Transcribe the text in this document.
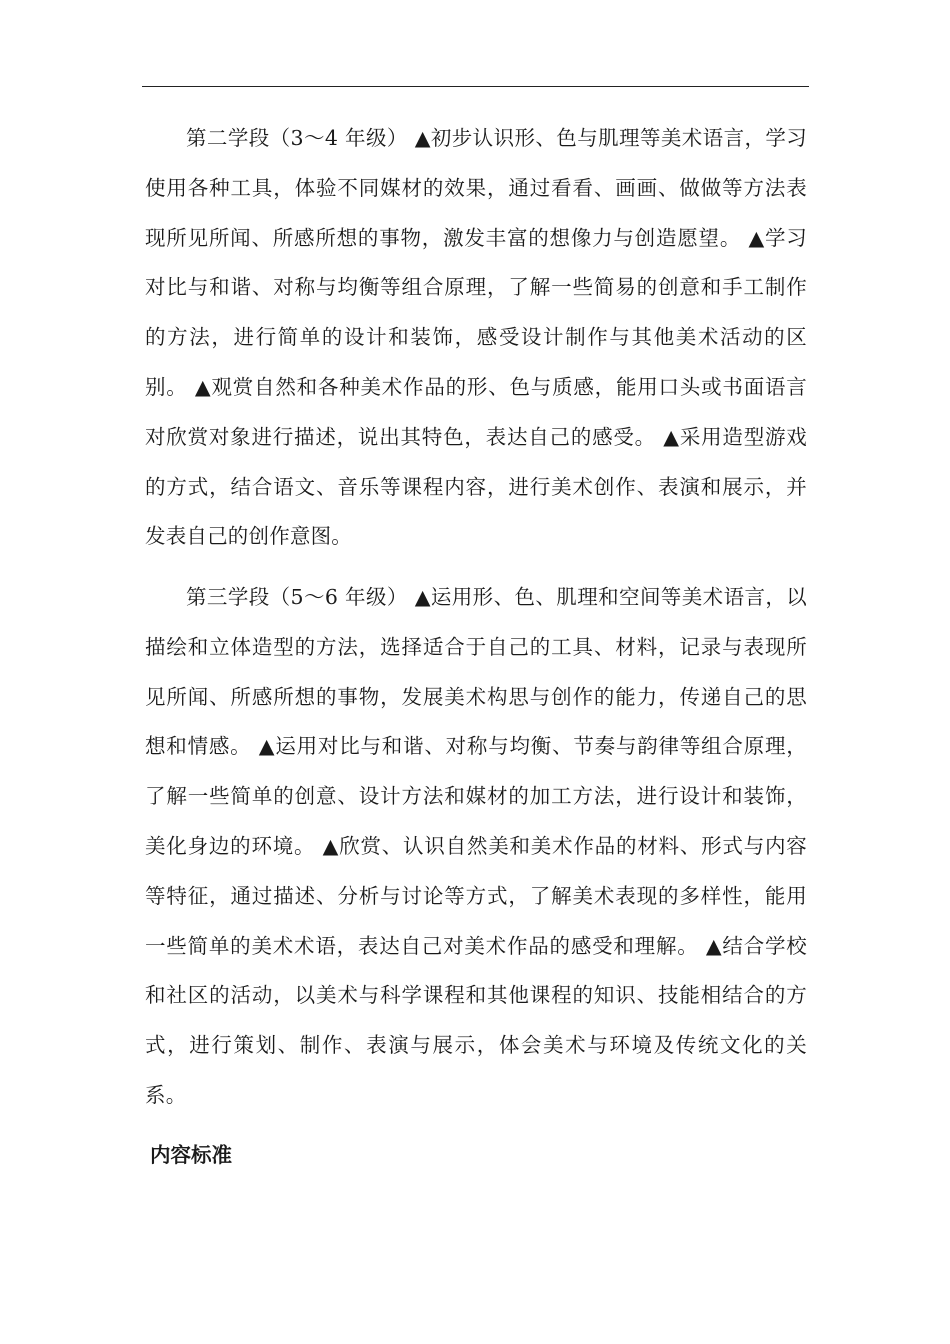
第二学段（3～4 年级） ▲初步认识形、色与肌理等美术语言，学习使用各种工具，体验不同媒材的效果，通过看看、画画、做做等方法表现所见所闻、所感所想的事物，激发丰富的想像力与创造愿望。 ▲学习对比与和谐、对称与均衡等组合原理，了解一些简易的创意和手工制作的方法，进行简单的设计和装饰，感受设计制作与其他美术活动的区别。 ▲观赏自然和各种美术作品的形、色与质感，能用口头或书面语言对欣赏对象进行描述，说出其特色，表达自己的感受。 ▲采用造型游戏的方式，结合语文、音乐等课程内容，进行美术创作、表演和展示，并发表自己的创作意图。

第三学段（5～6 年级） ▲运用形、色、肌理和空间等美术语言，以描绘和立体造型的方法，选择适合于自己的工具、材料，记录与表现所见所闻、所感所想的事物，发展美术构思与创作的能力，传递自己的思想和情感。 ▲运用对比与和谐、对称与均衡、节奏与韵律等组合原理，了解一些简单的创意、设计方法和媒材的加工方法，进行设计和装饰，美化身边的环境。 ▲欣赏、认识自然美和美术作品的材料、形式与内容等特征，通过描述、分析与讨论等方式，了解美术表现的多样性，能用一些简单的美术术语，表达自己对美术作品的感受和理解。 ▲结合学校和社区的活动，以美术与科学课程和其他课程的知识、技能相结合的方式，进行策划、制作、表演与展示，体会美术与环境及传统文化的关系。

内容标准
